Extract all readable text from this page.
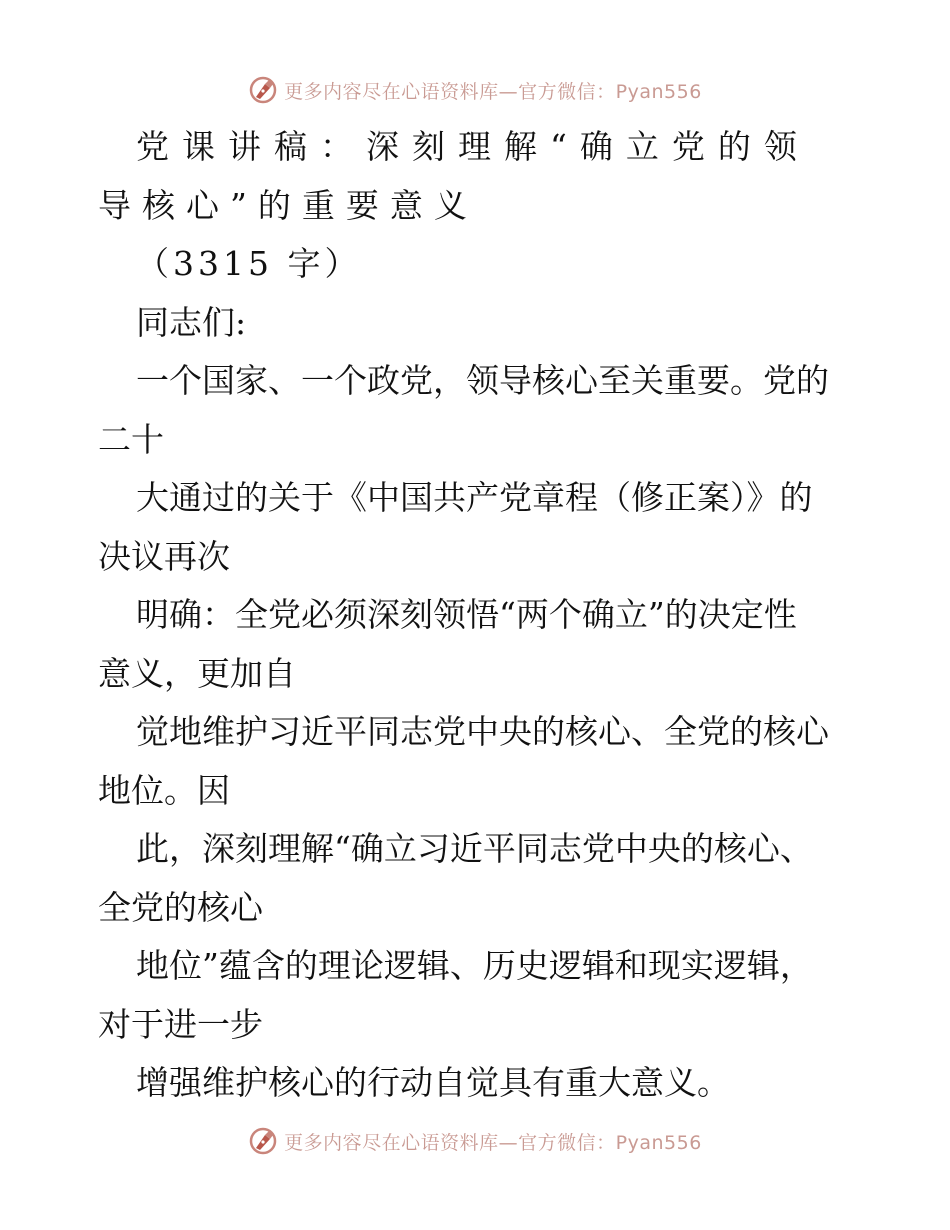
更多内容尽在心语资料库—官方微信：Pyan556
党课讲稿：深刻理解“确立党的领
导核心”的重要意义
（3315 字）
同志们:
一个国家、一个政党，领导核心至关重要。党的
二十
大通过的关于《中国共产党章程（修正案）》的
决议再次
明确：全党必须深刻领悟“两个确立”的决定性
意义，更加自
觉地维护习近平同志党中央的核心、全党的核心
地位。因
此，深刻理解“确立习近平同志党中央的核心、
全党的核心
地位”蕴含的理论逻辑、历史逻辑和现实逻辑，
对于进一步
增强维护核心的行动自觉具有重大意义。
更多内容尽在心语资料库—官方微信：Pyan556
